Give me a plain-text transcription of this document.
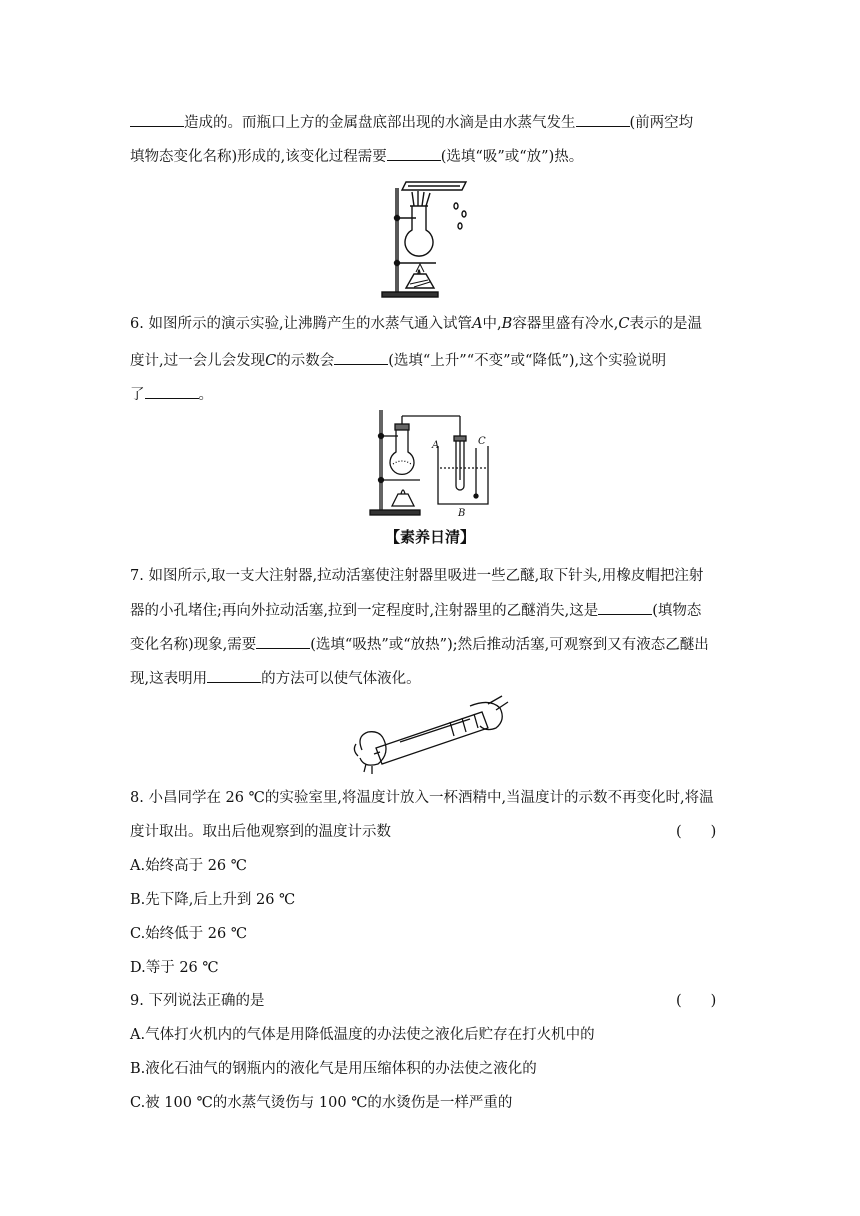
造成的。而瓶口上方的金属盘底部出现的水滴是由水蒸气发生	(前两空均
填物态变化名称)形成的,该变化过程需要	(选填“吸”或“放”)热。
6. 如图所示的演示实验,让沸腾产生的水蒸气通入试管A中,B容器里盛有冷水,C表示的是温
度计,过一会儿会发现C的示数会	(选填“上升”“不变”或“降低”),这个实验说明
了	。
A	C
B
【素养日清】
7. 如图所示,取一支大注射器,拉动活塞使注射器里吸进一些乙醚,取下针头,用橡皮帽把注射
器的小孔堵住;再向外拉动活塞,拉到一定程度时,注射器里的乙醚消失,这是	(填物态
变化名称)现象,需要	(选填“吸热”或“放热”);然后推动活塞,可观察到又有液态乙醚出
现,这表明用	的方法可以使气体液化。
8. 小昌同学在 26 ℃的实验室里,将温度计放入一杯酒精中,当温度计的示数不再变化时,将温
度计取出。取出后他观察到的温度计示数	(　　)
A.始终高于 26 ℃
B.先下降,后上升到 26 ℃
C.始终低于 26 ℃
D.等于 26 ℃
9. 下列说法正确的是	(　　)
A.气体打火机内的气体是用降低温度的办法使之液化后贮存在打火机中的
B.液化石油气的钢瓶内的液化气是用压缩体积的办法使之液化的
C.被 100 ℃的水蒸气烫伤与 100 ℃的水烫伤是一样严重的
